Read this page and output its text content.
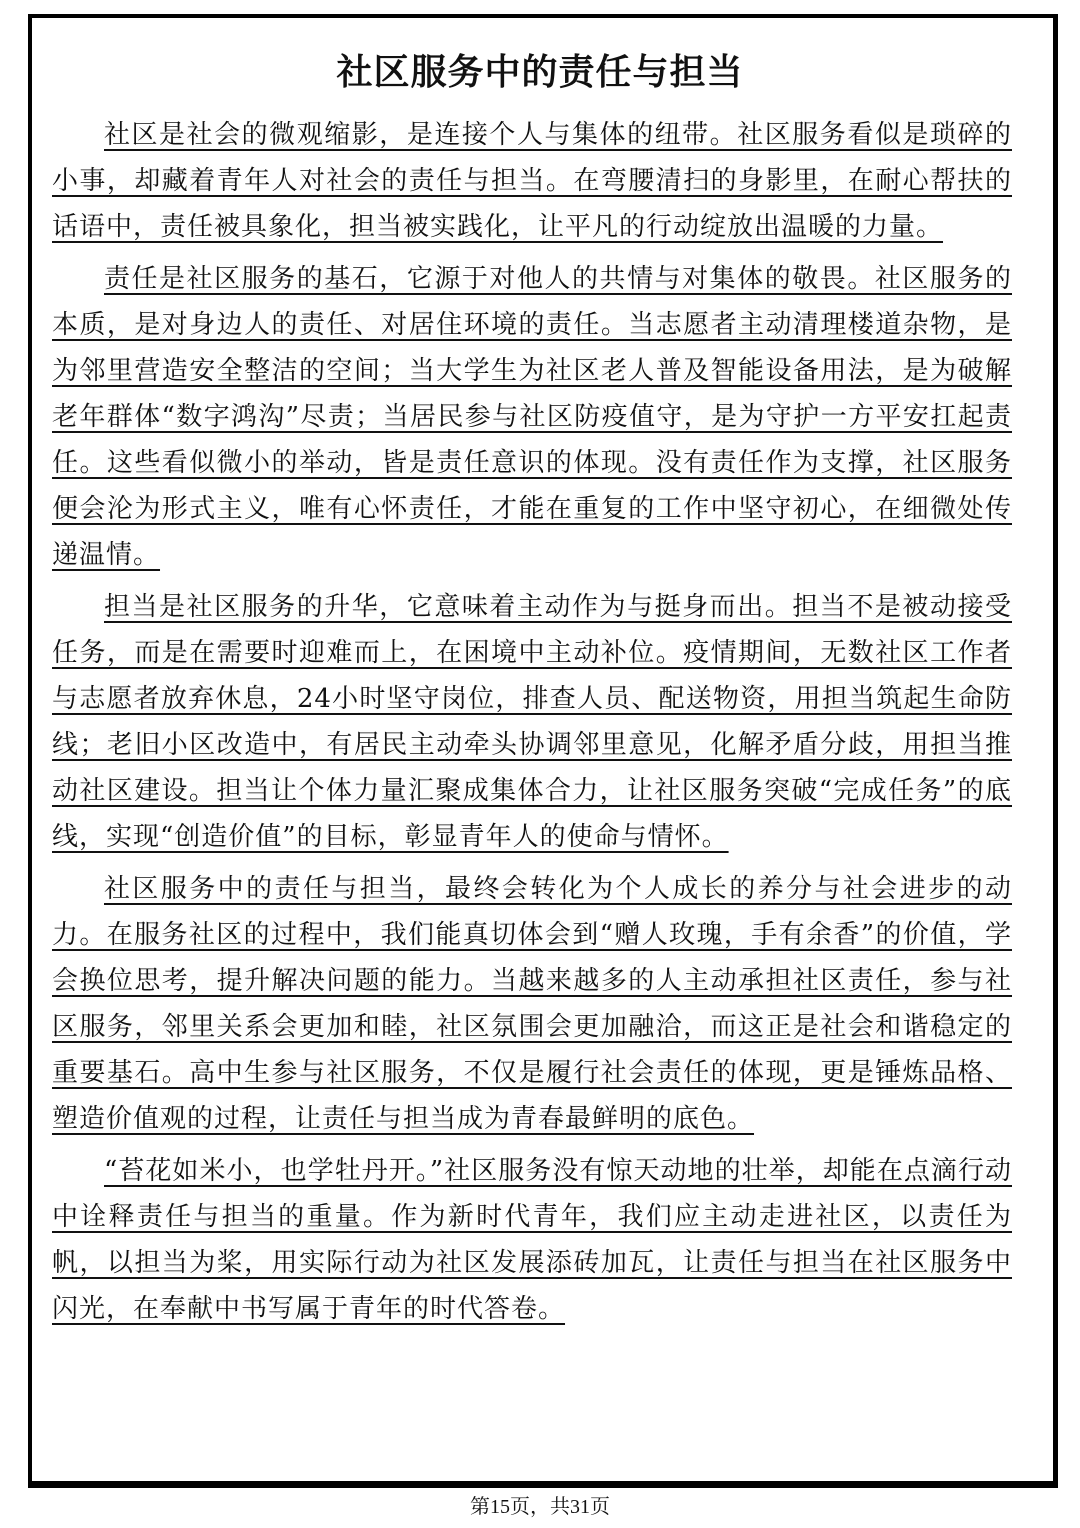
社区服务中的责任与担当

社区是社会的微观缩影，是连接个人与集体的纽带。社区服务看似是琐碎的小事，却藏着青年人对社会的责任与担当。在弯腰清扫的身影里，在耐心帮扶的话语中，责任被具象化，担当被实践化，让平凡的行动绽放出温暖的力量。

责任是社区服务的基石，它源于对他人的共情与对集体的敬畏。社区服务的本质，是对身边人的责任、对居住环境的责任。当志愿者主动清理楼道杂物，是为邻里营造安全整洁的空间；当大学生为社区老人普及智能设备用法，是为破解老年群体“数字鸿沟”尽责；当居民参与社区防疫值守，是为守护一方平安扛起责任。这些看似微小的举动，皆是责任意识的体现。没有责任作为支撑，社区服务便会沦为形式主义，唯有心怀责任，才能在重复的工作中坚守初心，在细微处传递温情。

担当是社区服务的升华，它意味着主动作为与挺身而出。担当不是被动接受任务，而是在需要时迎难而上，在困境中主动补位。疫情期间，无数社区工作者与志愿者放弃休息，24小时坚守岗位，排查人员、配送物资，用担当筑起生命防线；老旧小区改造中，有居民主动牵头协调邻里意见，化解矛盾分歧，用担当推动社区建设。担当让个体力量汇聚成集体合力，让社区服务突破“完成任务”的底线，实现“创造价值”的目标，彰显青年人的使命与情怀。

社区服务中的责任与担当，最终会转化为个人成长的养分与社会进步的动力。在服务社区的过程中，我们能真切体会到“赠人玫瑰，手有余香”的价值，学会换位思考，提升解决问题的能力。当越来越多的人主动承担社区责任，参与社区服务，邻里关系会更加和睦，社区氛围会更加融洽，而这正是社会和谐稳定的重要基石。高中生参与社区服务，不仅是履行社会责任的体现，更是锤炼品格、塑造价值观的过程，让责任与担当成为青春最鲜明的底色。

“苔花如米小，也学牡丹开。”社区服务没有惊天动地的壮举，却能在点滴行动中诠释责任与担当的重量。作为新时代青年，我们应主动走进社区，以责任为帆，以担当为桨，用实际行动为社区发展添砖加瓦，让责任与担当在社区服务中闪光，在奉献中书写属于青年的时代答卷。

第15页，共31页
